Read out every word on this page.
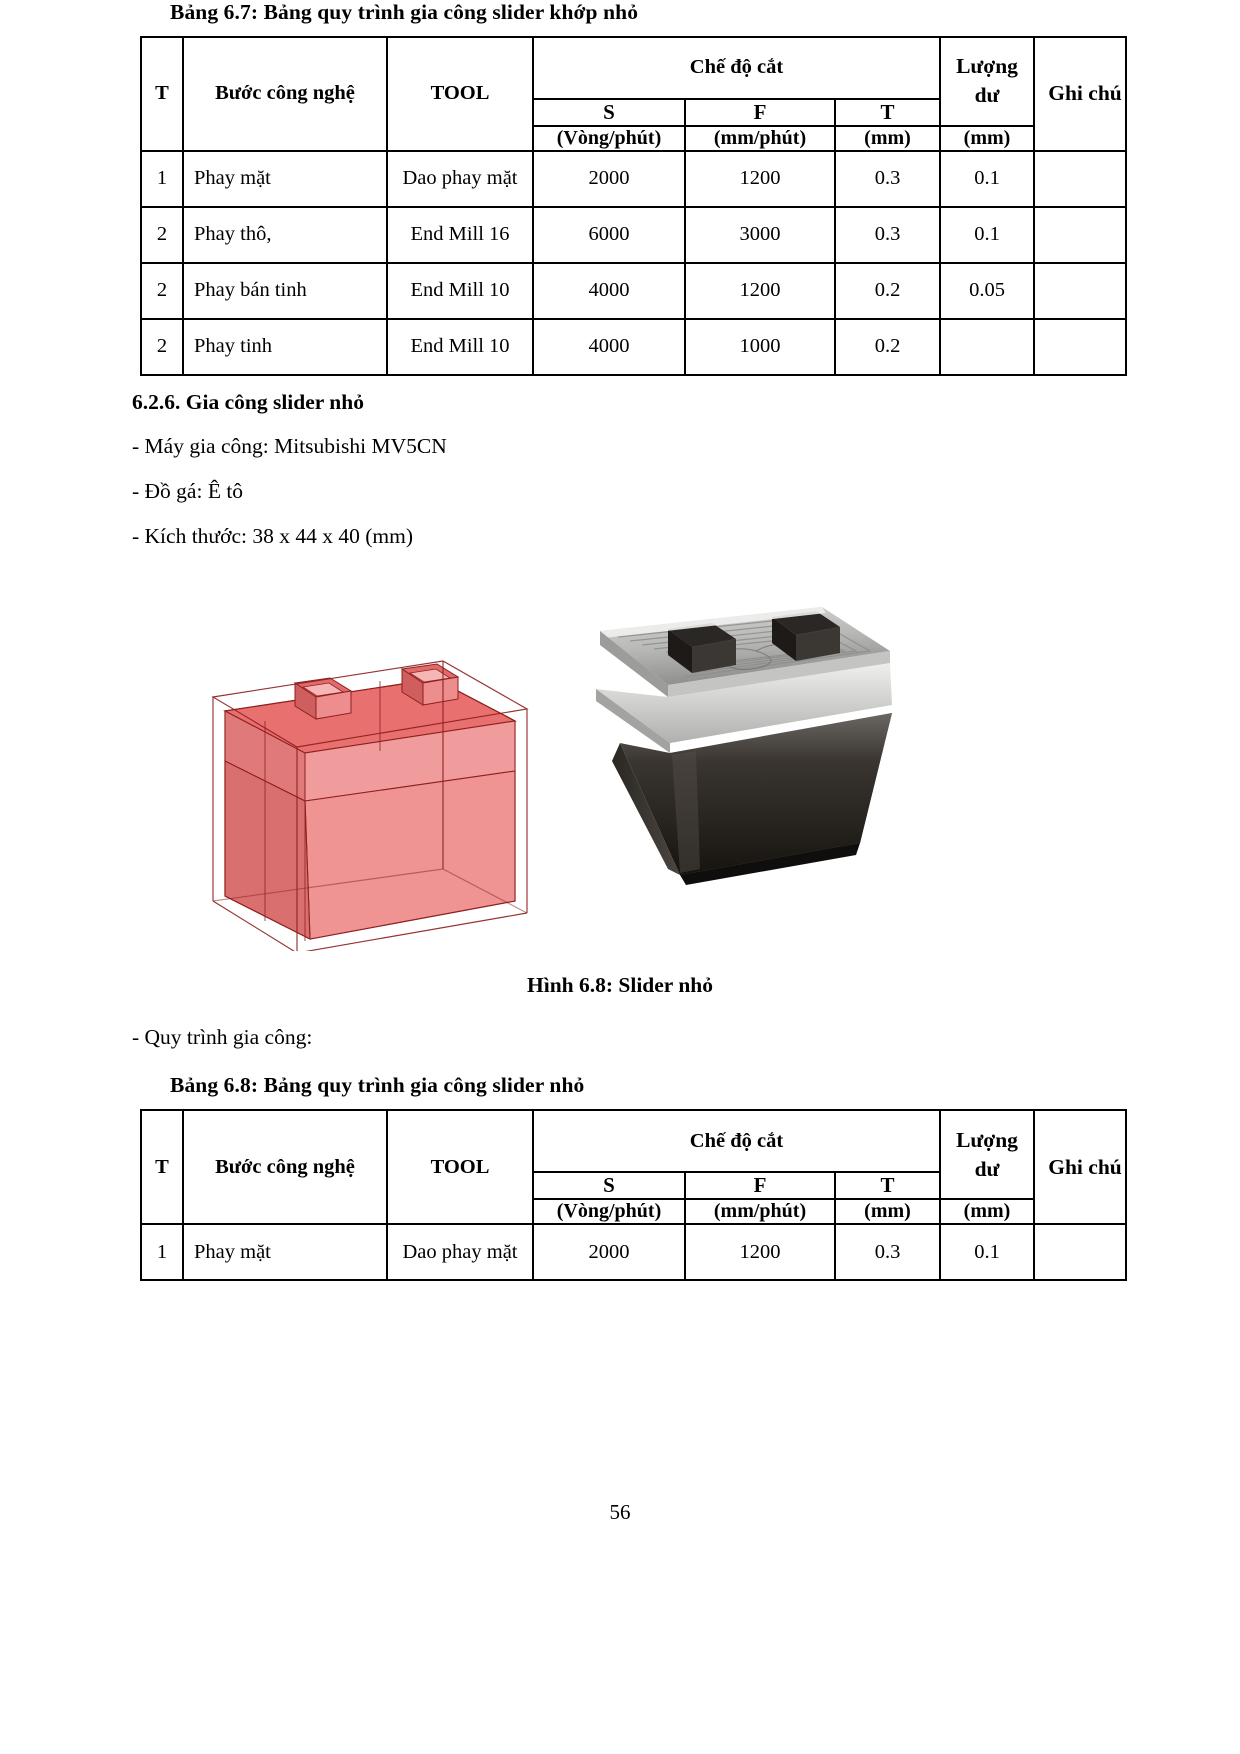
Bảng 6.7: Bảng quy trình gia công slider khớp nhỏ
T	Bước công nghệ	TOOL	Chế độ cắt			Lượng
dư	Ghi chú
			S	F	T		
			(Vòng/phút)	(mm/phút)	(mm)	(mm)	
1	Phay mặt	Dao phay mặt	2000	1200	0.3	0.1	
2	Phay thô,	End Mill 16	6000	3000	0.3	0.1	
2	Phay bán tinh	End Mill 10	4000	1200	0.2	0.05	
2	Phay tinh	End Mill 10	4000	1000	0.2		
6.2.6. Gia công slider nhỏ
- Máy gia công: Mitsubishi MV5CN
- Đồ gá: Ê tô
- Kích thước: 38 x 44 x 40 (mm)
Hình 6.8: Slider nhỏ
- Quy trình gia công:
Bảng 6.8: Bảng quy trình gia công slider nhỏ
T	Bước công nghệ	TOOL	Chế độ cắt			Lượng
dư	Ghi chú
			S	F	T		
			(Vòng/phút)	(mm/phút)	(mm)	(mm)	
1	Phay mặt	Dao phay mặt	2000	1200	0.3	0.1	
56
